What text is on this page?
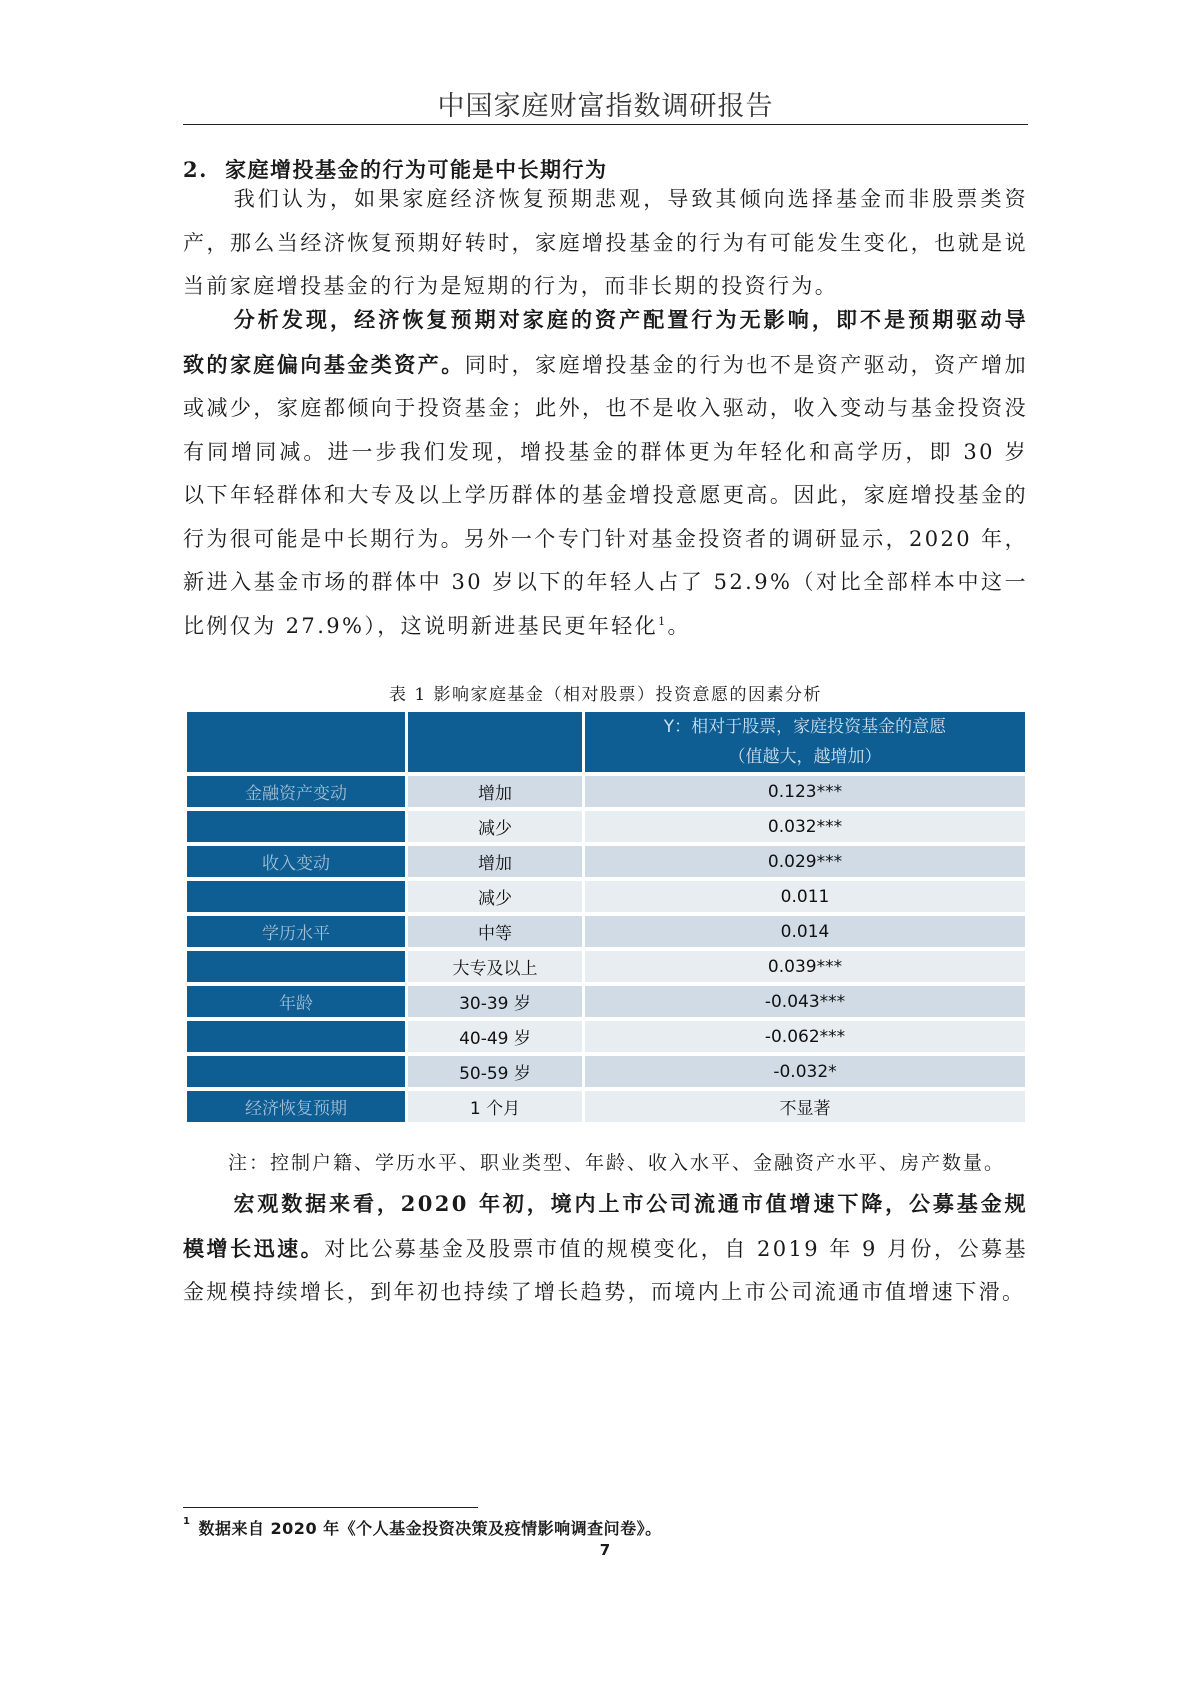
中国家庭财富指数调研报告
2. 家庭增投基金的行为可能是中长期行为

我们认为，如果家庭经济恢复预期悲观，导致其倾向选择基金而非股票类资产，那么当经济恢复预期好转时，家庭增投基金的行为有可能发生变化，也就是说当前家庭增投基金的行为是短期的行为，而非长期的投资行为。

分析发现，经济恢复预期对家庭的资产配置行为无影响，即不是预期驱动导致的家庭偏向基金类资产。同时，家庭增投基金的行为也不是资产驱动，资产增加或减少，家庭都倾向于投资基金；此外，也不是收入驱动，收入变动与基金投资没有同增同减。进一步我们发现，增投基金的群体更为年轻化和高学历，即 30 岁以下年轻群体和大专及以上学历群体的基金增投意愿更高。因此，家庭增投基金的行为很可能是中长期行为。另外一个专门针对基金投资者的调研显示，2020 年，新进入基金市场的群体中 30 岁以下的年轻人占了 52.9%（对比全部样本中这一比例仅为 27.9%），这说明新进基民更年轻化$^1$。

表 1 影响家庭基金（相对股票）投资意愿的因素分析

		Y：相对于股票，家庭投资基金的意愿
（值越大，越增加）

金融资产变动	增加	0.123***
	减少	0.032***
收入变动	增加	0.029***
	减少	0.011
学历水平	中等	0.014
	大专及以上	0.039***
年龄	30-39 岁	-0.043***
	40-49 岁	-0.062***
	50-59 岁	-0.032*
经济恢复预期	1 个月	不显著
注：控制户籍、学历水平、职业类型、年龄、收入水平、金融资产水平、房产数量。

宏观数据来看，2020 年初，境内上市公司流通市值增速下降，公募基金规模增长迅速。对比公募基金及股票市值的规模变化，自 2019 年 9 月份，公募基金规模持续增长，到年初也持续了增长趋势，而境内上市公司流通市值增速下滑。

$^1$ 数据来自 2020 年《个人基金投资决策及疫情影响调查问卷》。
7
